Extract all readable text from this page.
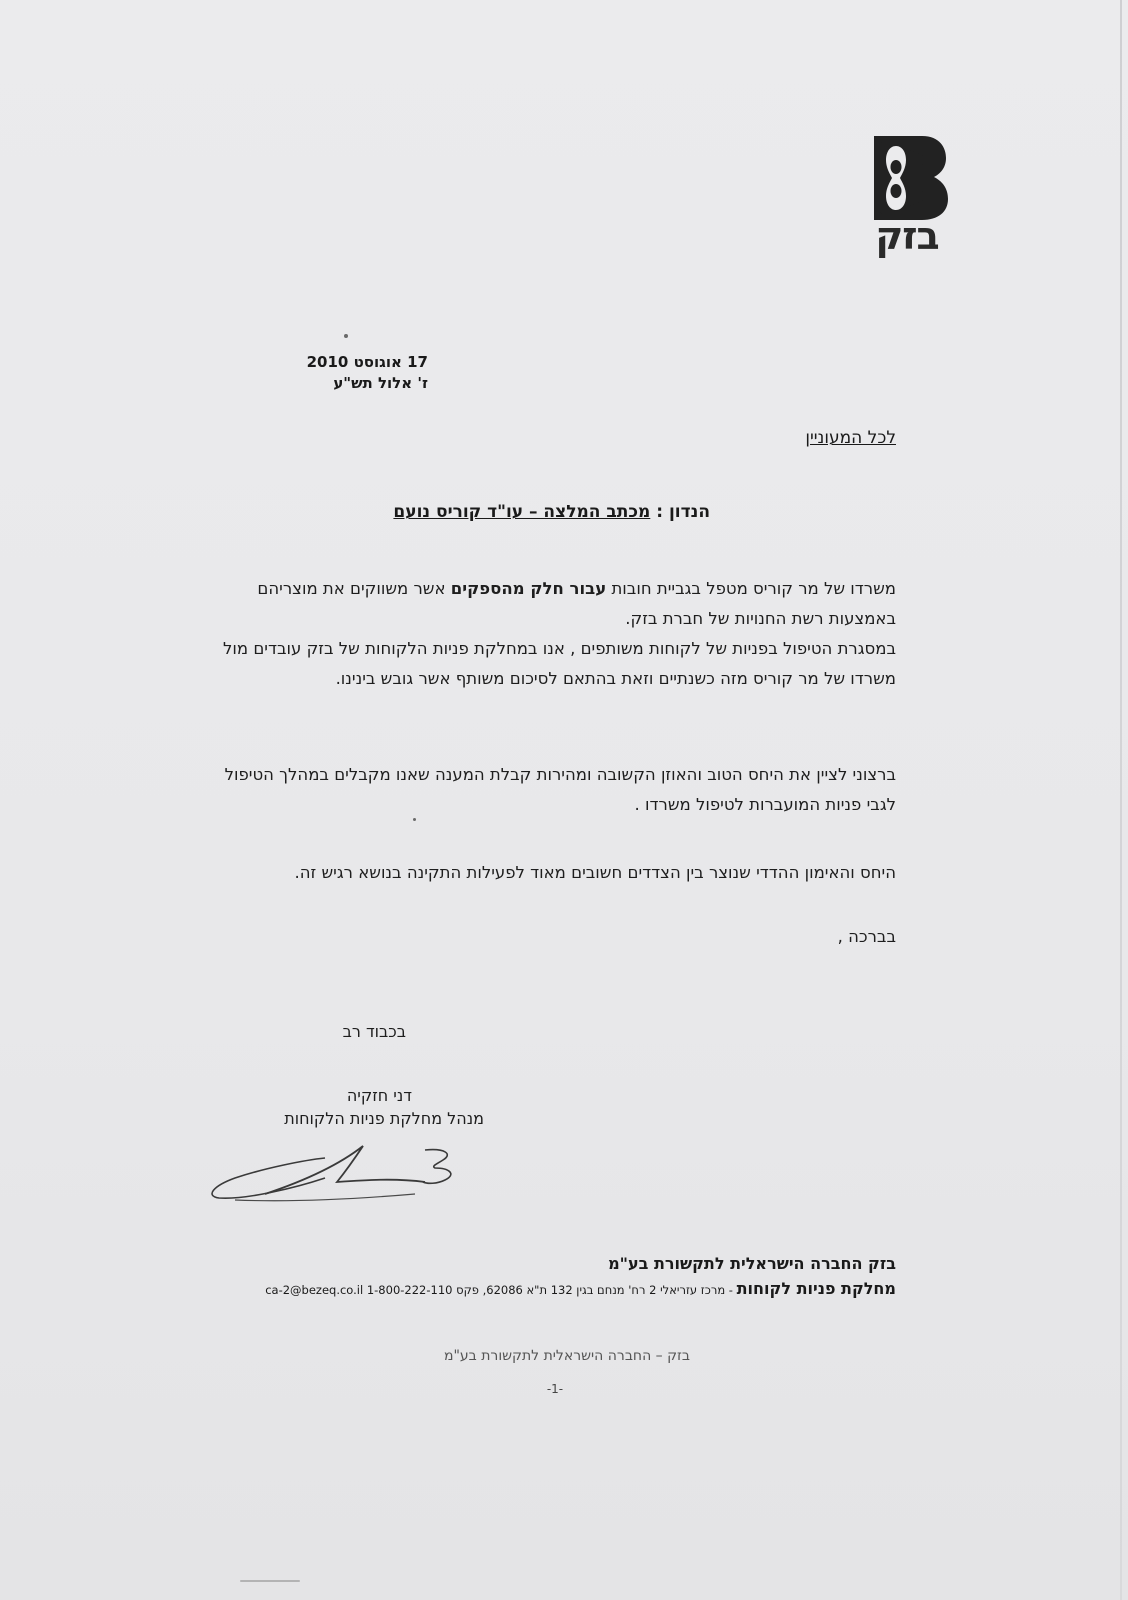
בזק
17 אוגוסט 2010
ז' אלול תש"ע
לכל המעוניין
הנדון : מכתב המלצה – עו"ד קוריס נועם
משרדו של מר קוריס מטפל בגביית חובות עבור חלק מהספקים אשר משווקים את מוצריהם באמצעות רשת החנויות של חברת בזק.
במסגרת הטיפול בפניות של לקוחות משותפים , אנו במחלקת פניות הלקוחות של בזק עובדים מול משרדו של מר קוריס מזה כשנתיים וזאת בהתאם לסיכום משותף אשר גובש בינינו.
ברצוני לציין את היחס הטוב והאוזן הקשובה ומהירות קבלת המענה שאנו מקבלים במהלך הטיפול לגבי פניות המועברות לטיפול משרדו .
היחס והאימון ההדדי שנוצר בין הצדדים חשובים מאוד לפעילות התקינה בנושא רגיש זה.
בברכה ,
בכבוד רב
דני חזקיה
מנהל מחלקת פניות הלקוחות
בזק החברה הישראלית לתקשורת בע"מ
מחלקת פניות לקוחות - מרכז עזריאלי 2 רח' מנחם בגין 132 ת"א 62086, פקס 1-800-222-110 ca-2@bezeq.co.il
בזק – החברה הישראלית לתקשורת בע"מ
-1-
